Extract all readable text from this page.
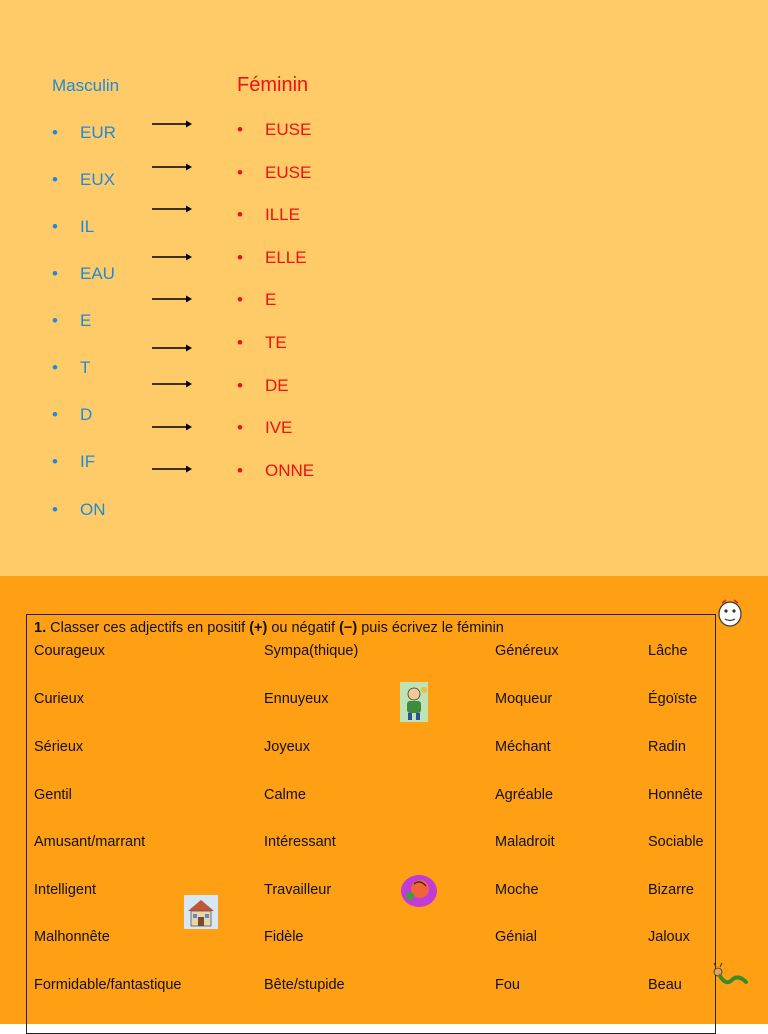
Masculin	Féminin
• EUR
• EUX
• IL
• EAU
• E
• T
• D
• IF
• ON
• EUSE
• EUSE
• ILLE
• ELLE
• E
• TE
• DE
• IVE
• ONNE
1. Classer ces adjectifs en positif (+) ou négatif (−) puis écrivez le féminin
Courageux
Curieux
Sérieux
Gentil
Amusant/marrant
Intelligent
Malhonnête
Formidable/fantastique
Sympa(thique)
Ennuyeux
Joyeux
Calme
Intéressant
Travailleur
Fidèle
Bête/stupide
Généreux
Moqueur
Méchant
Agréable
Maladroit
Moche
Génial
Fou
Lâche
Égoïste
Radin
Honnête
Sociable
Bizarre
Jaloux
Beau
